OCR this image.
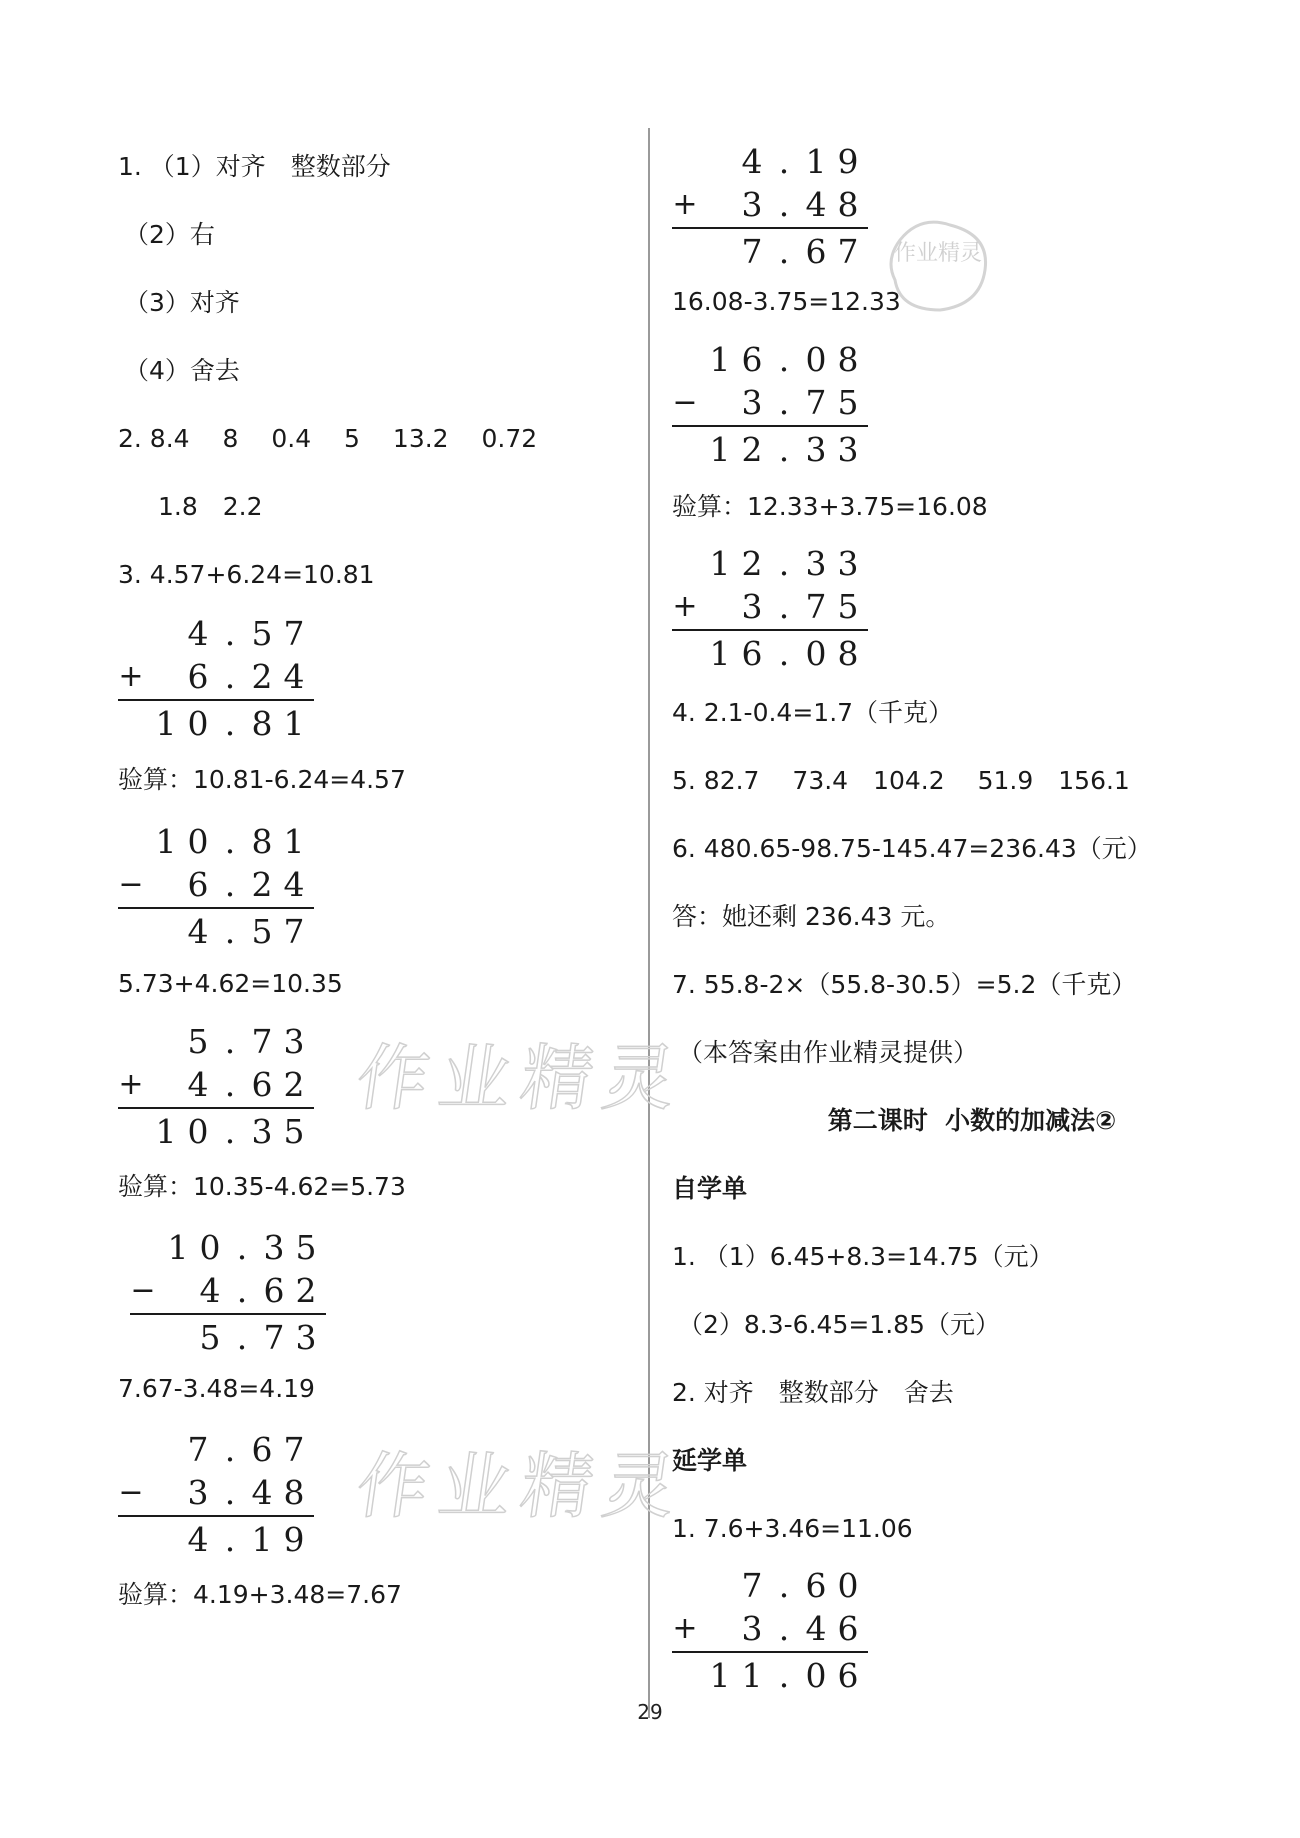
1. （1）对齐　整数部分
（2）右
（3）对齐
（4）舍去
2. 8.4　 8　 0.4　 5　 13.2　 0.72
1.8　2.2
3. 4.57+6.24=10.81
4 . 5 7
+ 6 . 2 4
1 0 . 8 1
验算：10.81-6.24=4.57
1 0 . 8 1
− 6 . 2 4
4 . 5 7
5.73+4.62=10.35
5 . 7 3
+ 4 . 6 2
1 0 . 3 5
验算：10.35-4.62=5.73
1 0 . 3 5
− 4 . 6 2
5 . 7 3
7.67-3.48=4.19
7 . 6 7
− 3 . 4 8
4 . 1 9
验算：4.19+3.48=7.67
4 . 1 9
+ 3 . 4 8
7 . 6 7
16.08-3.75=12.33
1 6 . 0 8
− 3 . 7 5
1 2 . 3 3
验算：12.33+3.75=16.08
1 2 . 3 3
+ 3 . 7 5
1 6 . 0 8
4. 2.1-0.4=1.7（千克）
5. 82.7　 73.4　104.2　 51.9　156.1
6. 480.65-98.75-145.47=236.43（元）
答：她还剩 236.43 元。
7. 55.8-2×（55.8-30.5）=5.2（千克）
（本答案由作业精灵提供）
第二课时  小数的加减法②
自学单
1. （1）6.45+8.3=14.75（元）
（2）8.3-6.45=1.85（元）
2. 对齐　整数部分　舍去
延学单
1. 7.6+3.46=11.06
7 . 6 0
+ 3 . 4 6
1 1 . 0 6
作业精灵
作业精灵
作业精灵
29
